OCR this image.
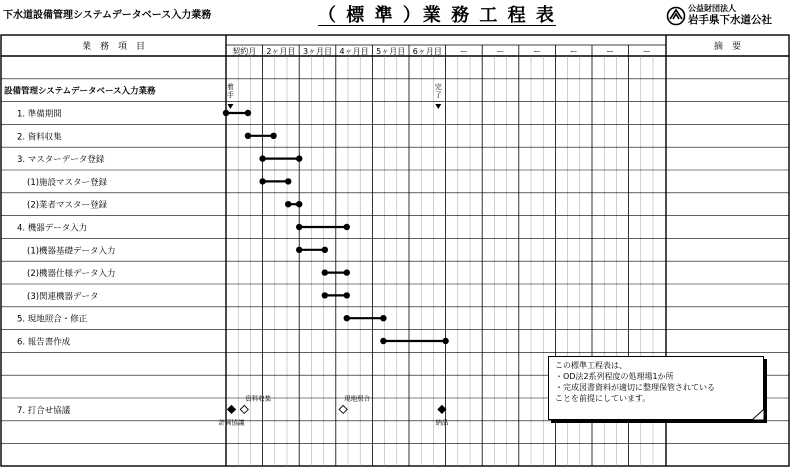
下水道設備管理システムデータベース入力業務	（ 標 準 ）業 務 工 程 表	公益財団法人
岩手県下水道公社
業　務　項　目	摘　要
契約月 2ヶ月目 3ヶ月目 4ヶ月目 5ヶ月目 6ヶ月目 ー	ー	ー	ー	ー	ー
設備管理システムデータベース入力業務
1. 準備期間
2. 資料収集
3. マスターデータ登録
(1)施設マスター登録
(2)業者マスター登録
4. 機器データ入力
(1)機器基礎データ入力
(2)機器仕様データ入力
(3)関連機器データ
5. 現地照合・修正
6. 報告書作成
7. 打合せ協議
着
手
完
了
計画協議
資料収集	現地照合
納品
この標準工程表は、
・OD法2系列程度の処理場1か所
・完成図書資料が適切に整理保管されている
ことを前提にしています。
